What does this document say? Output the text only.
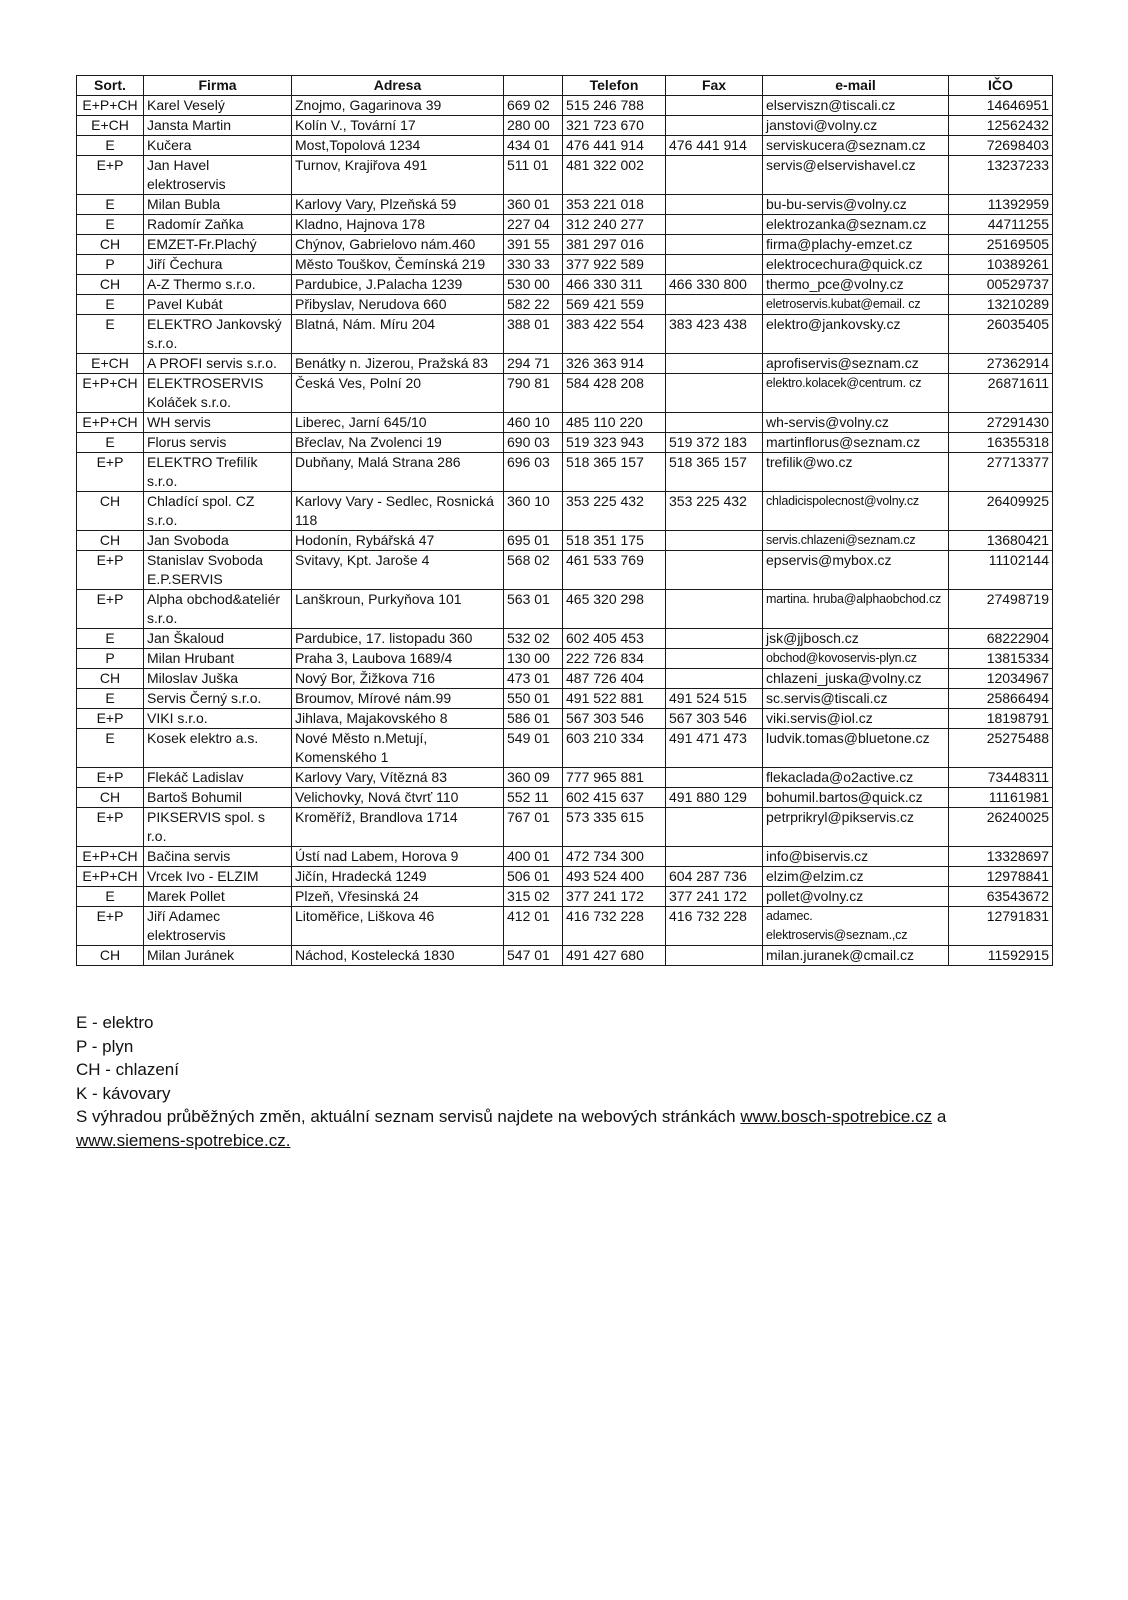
Sort.	Firma	Adresa		Telefon	Fax	e-mail	IČO
E+P+CH	Karel Veselý	Znojmo, Gagarinova 39	669 02	515 246 788		elserviszn@tiscali.cz	14646951
E+CH	Jansta Martin	Kolín V., Tovární 17	280 00	321 723 670		janstovi@volny.cz	12562432
E	Kučera	Most,Topolová 1234	434 01	476 441 914	476 441 914	serviskucera@seznam.cz	72698403
E+P	Jan Havel elektroservis	Turnov, Krajiřova 491	511 01	481 322 002		servis@elservishavel.cz	13237233
E	Milan Bubla	Karlovy Vary, Plzeňská 59	360 01	353 221 018		bu-bu-servis@volny.cz	11392959
E	Radomír Zaňka	Kladno, Hajnova 178	227 04	312 240 277		elektrozanka@seznam.cz	44711255
CH	EMZET-Fr.Plachý	Chýnov, Gabrielovo nám.460	391 55	381 297 016		firma@plachy-emzet.cz	25169505
P	Jiří Čechura	Město Touškov, Čemínská 219	330 33	377 922 589		elektrocechura@quick.cz	10389261
CH	A-Z Thermo s.r.o.	Pardubice, J.Palacha 1239	530 00	466 330 311	466 330 800	thermo_pce@volny.cz	00529737
E	Pavel Kubát	Přibyslav, Nerudova 660	582 22	569 421 559		eletroservis.kubat@email. cz	13210289
E	ELEKTRO Jankovský s.r.o.	Blatná, Nám. Míru 204	388 01	383 422 554	383 423 438	elektro@jankovsky.cz	26035405
E+CH	A PROFI servis s.r.o.	Benátky n. Jizerou, Pražská 83	294 71	326 363 914		aprofiservis@seznam.cz	27362914
E+P+CH	ELEKTROSERVIS Koláček s.r.o.	Česká Ves, Polní 20	790 81	584 428 208		elektro.kolacek@centrum. cz	26871611
E+P+CH	WH servis	Liberec, Jarní 645/10	460 10	485 110 220		wh-servis@volny.cz	27291430
E	Florus servis	Břeclav, Na Zvolenci 19	690 03	519 323 943	519 372 183	martinflorus@seznam.cz	16355318
E+P	ELEKTRO Trefilík s.r.o.	Dubňany, Malá Strana 286	696 03	518 365 157	518 365 157	trefilik@wo.cz	27713377
CH	Chladící spol. CZ s.r.o.	Karlovy Vary - Sedlec, Rosnická 118	360 10	353 225 432	353 225 432	chladicispolecnost@volny.cz	26409925
CH	Jan Svoboda	Hodonín, Rybářská 47	695 01	518 351 175		servis.chlazeni@seznam.cz	13680421
E+P	Stanislav Svoboda E.P.SERVIS	Svitavy, Kpt. Jaroše 4	568 02	461 533 769		epservis@mybox.cz	11102144
E+P	Alpha obchod&ateliér s.r.o.	Lanškroun, Purkyňova 101	563 01	465 320 298		martina. hruba@alphaobchod.cz	27498719
E	Jan Škaloud	Pardubice, 17. listopadu 360	532 02	602 405 453		jsk@jjbosch.cz	68222904
P	Milan Hrubant	Praha 3, Laubova 1689/4	130 00	222 726 834		obchod@kovoservis-plyn.cz	13815334
CH	Miloslav Juška	Nový Bor, Žižkova 716	473 01	487 726 404		chlazeni_juska@volny.cz	12034967
E	Servis Černý s.r.o.	Broumov, Mírové nám.99	550 01	491 522 881	491 524 515	sc.servis@tiscali.cz	25866494
E+P	VIKI s.r.o.	Jihlava, Majakovského 8	586 01	567 303 546	567 303 546	viki.servis@iol.cz	18198791
E	Kosek elektro a.s.	Nové Město n.Metují, Komenského 1	549 01	603 210 334	491 471 473	ludvik.tomas@bluetone.cz	25275488
E+P	Flekáč Ladislav	Karlovy Vary, Vítězná 83	360 09	777 965 881		flekaclada@o2active.cz	73448311
CH	Bartoš Bohumil	Velichovky, Nová čtvrť 110	552 11	602 415 637	491 880 129	bohumil.bartos@quick.cz	11161981
E+P	PIKSERVIS spol. s r.o.	Kroměříž, Brandlova 1714	767 01	573 335 615		petrprikryl@pikservis.cz	26240025
E+P+CH	Bačina servis	Ústí nad Labem, Horova 9	400 01	472 734 300		info@biservis.cz	13328697
E+P+CH	Vrcek Ivo - ELZIM	Jičín, Hradecká 1249	506 01	493 524 400	604 287 736	elzim@elzim.cz	12978841
E	Marek Pollet	Plzeň, Vřesinská 24	315 02	377 241 172	377 241 172	pollet@volny.cz	63543672
E+P	Jiří Adamec elektroservis	Litoměřice, Liškova 46	412 01	416 732 228	416 732 228	adamec. elektroservis@seznam.,cz	12791831
CH	Milan Juránek	Náchod, Kostelecká 1830	547 01	491 427 680		milan.juranek@cmail.cz	11592915
E - elektro
P - plyn
CH - chlazení
K - kávovary
S výhradou průběžných změn, aktuální seznam servisů najdete na webových stránkách www.bosch-spotrebice.cz a
www.siemens-spotrebice.cz.
